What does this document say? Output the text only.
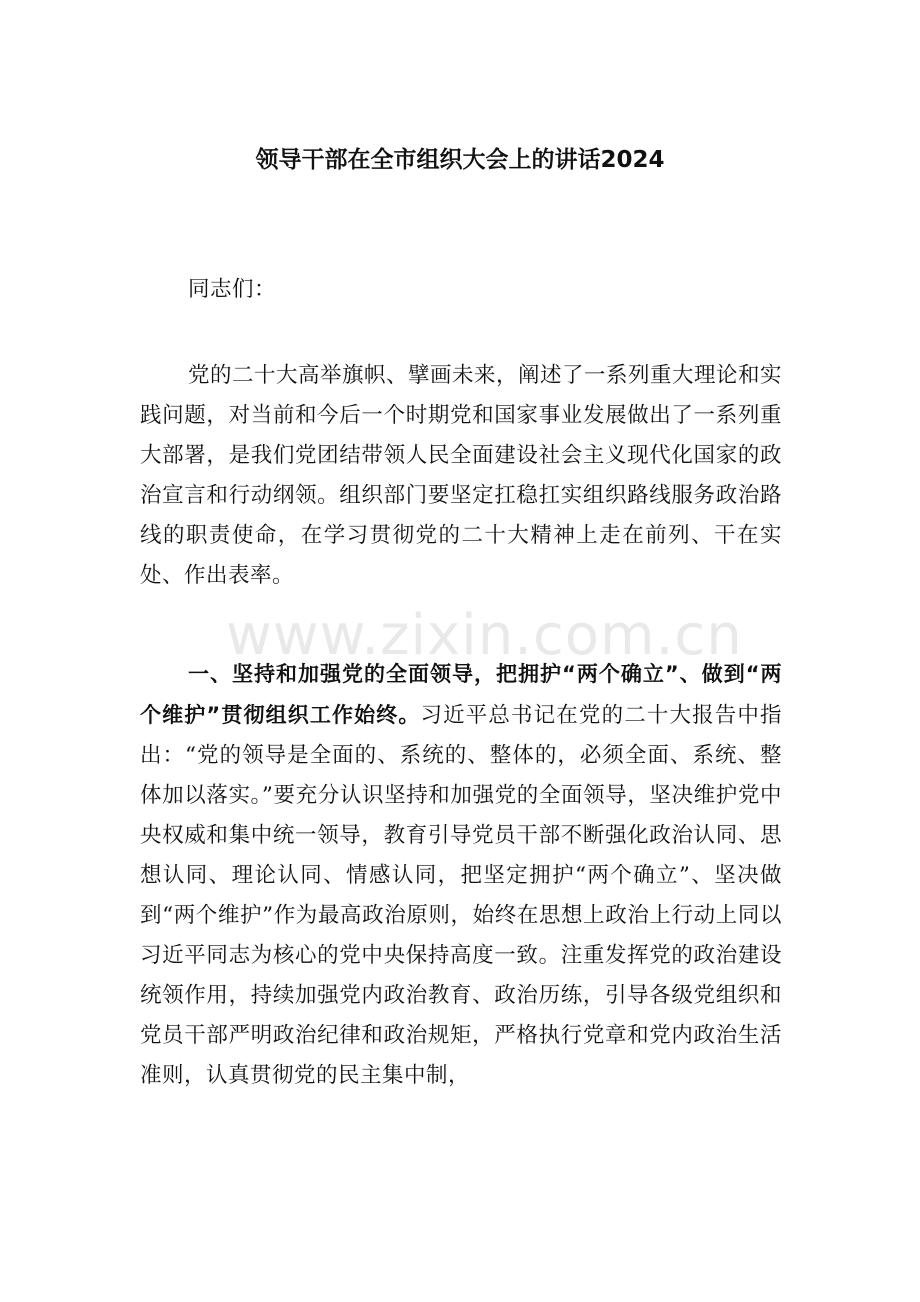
领导干部在全市组织大会上的讲话2024
同志们：
党的二十大高举旗帜、擘画未来，阐述了一系列重大理论和实践问题，对当前和今后一个时期党和国家事业发展做出了一系列重大部署，是我们党团结带领人民全面建设社会主义现代化国家的政治宣言和行动纲领。组织部门要坚定扛稳扛实组织路线服务政治路线的职责使命，在学习贯彻党的二十大精神上走在前列、干在实处、作出表率。
一、坚持和加强党的全面领导，把拥护“两个确立”、做到“两个维护”贯彻组织工作始终。习近平总书记在党的二十大报告中指出：“党的领导是全面的、系统的、整体的，必须全面、系统、整体加以落实。”要充分认识坚持和加强党的全面领导，坚决维护党中央权威和集中统一领导，教育引导党员干部不断强化政治认同、思想认同、理论认同、情感认同，把坚定拥护“两个确立”、坚决做到“两个维护”作为最高政治原则，始终在思想上政治上行动上同以习近平同志为核心的党中央保持高度一致。注重发挥党的政治建设统领作用，持续加强党内政治教育、政治历练，引导各级党组织和党员干部严明政治纪律和政治规矩，严格执行党章和党内政治生活准则，认真贯彻党的民主集中制，
www.zixin.com.cn
